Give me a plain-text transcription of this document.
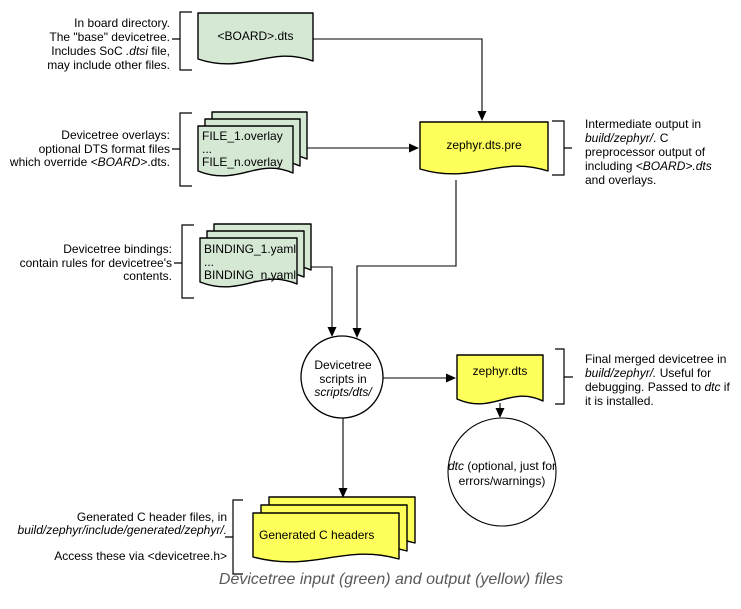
In board directory.
The "base" devicetree.
Includes SoC .dtsi file,
may include other files.
Devicetree overlays:
optional DTS format files
which override <BOARD>.dts.
Devicetree bindings:
contain rules for devicetree's
contents.
Intermediate output in
build/zephyr/. C
preprocessor output of
including <BOARD>.dts
and overlays.
Final merged devicetree in
build/zephyr/. Useful for
debugging. Passed to dtc if
it is installed.
Generated C header files, in
build/zephyr/include/generated/zephyr/.

Access these via <devicetree.h>
<BOARD>.dts
FILE_1.overlay
...
FILE_n.overlay
BINDING_1.yaml
...
BINDING_n.yaml
zephyr.dts.pre
Devicetree
scripts in
scripts/dts/
zephyr.dts
dtc (optional, just for
errors/warnings)
Generated C headers
Devicetree input (green) and output (yellow) files
